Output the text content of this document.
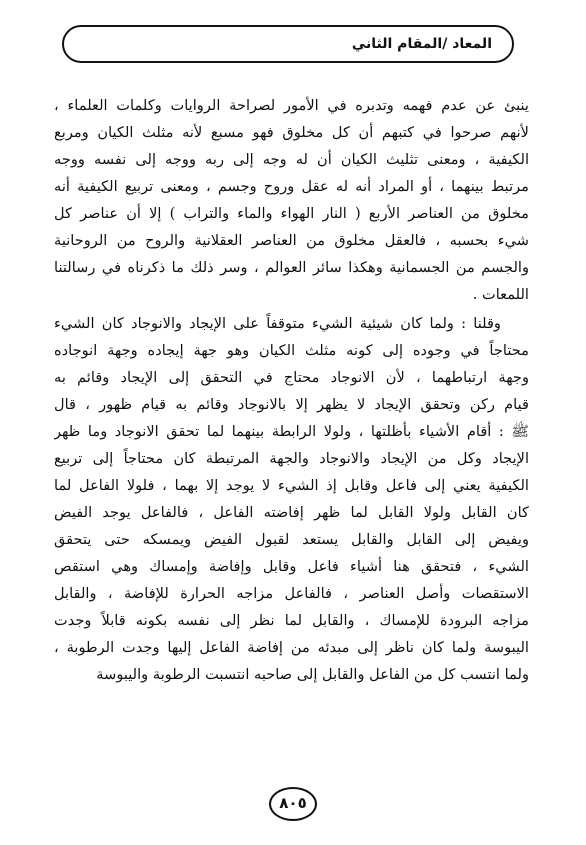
المعاد /المقام الثاني
ينبئ عن عدم فهمه وتدبره في الأمور لصراحة الروايات وكلمات العلماء ،
لأنهم صرحوا في كتبهم أن كل مخلوق فهو مسبع لأنه مثلث الكيان ومربع
الكيفية ، ومعنى تثليث الكيان أن له وجه إلى ربه ووجه إلى نفسه ووجه
مرتبط بينهما ، أو المراد أنه له عقل وروح وجسم ، ومعنى تربيع الكيفية أنه
مخلوق من العناصر الأربع ( النار الهواء والماء والتراب ) إلا أن عناصر كل
شيء بحسبه ، فالعقل مخلوق من العناصر العقلانية والروح من الروحانية
والجسم من الجسمانية وهكذا سائر العوالم ، وسر ذلك ما ذكرناه في رسالتنا
اللمعات .
وقلنا : ولما كان شيئية الشيء متوقفاً على الإيجاد والانوجاد كان الشيء
محتاجاً في وجوده إلى كونه مثلث الكيان وهو جهة إيجاده وجهة انوجاده
وجهة ارتباطهما ، لأن الانوجاد محتاج في التحقق إلى الإيجاد وقائم به
قيام ركن وتحقق الإيجاد لا يظهر إلا بالانوجاد وقائم به قيام ظهور ، قال
ﷺ : أقام الأشياء بأظلتها ، ولولا الرابطة بينهما لما تحقق الانوجاد وما ظهر
الإيجاد وكل من الإيجاد والانوجاد والجهة المرتبطة كان محتاجاً إلى تربيع
الكيفية يعني إلى فاعل وقابل إذ الشيء لا يوجد إلا بهما ، فلولا الفاعل لما
كان القابل ولولا القابل لما ظهر إفاضته الفاعل ، فالفاعل يوجد الفيض
ويفيض إلى القابل والقابل يستعد لقبول الفيض ويمسكه حتى يتحقق
الشيء ، فتحقق هنا أشياء فاعل وقابل وإفاضة وإمساك وهي استقص
الاستقصات وأصل العناصر ، فالفاعل مزاجه الحرارة للإفاضة ، والقابل
مزاجه البرودة للإمساك ، والقابل لما نظر إلى نفسه بكونه قابلاً وجدت
اليبوسة ولما كان ناظر إلى مبدئه من إفاضة الفاعل إليها وجدت الرطوبة ،
ولما انتسب كل من الفاعل والقابل إلى صاحبه انتسبت الرطوبة واليبوسة
٨٠٥
